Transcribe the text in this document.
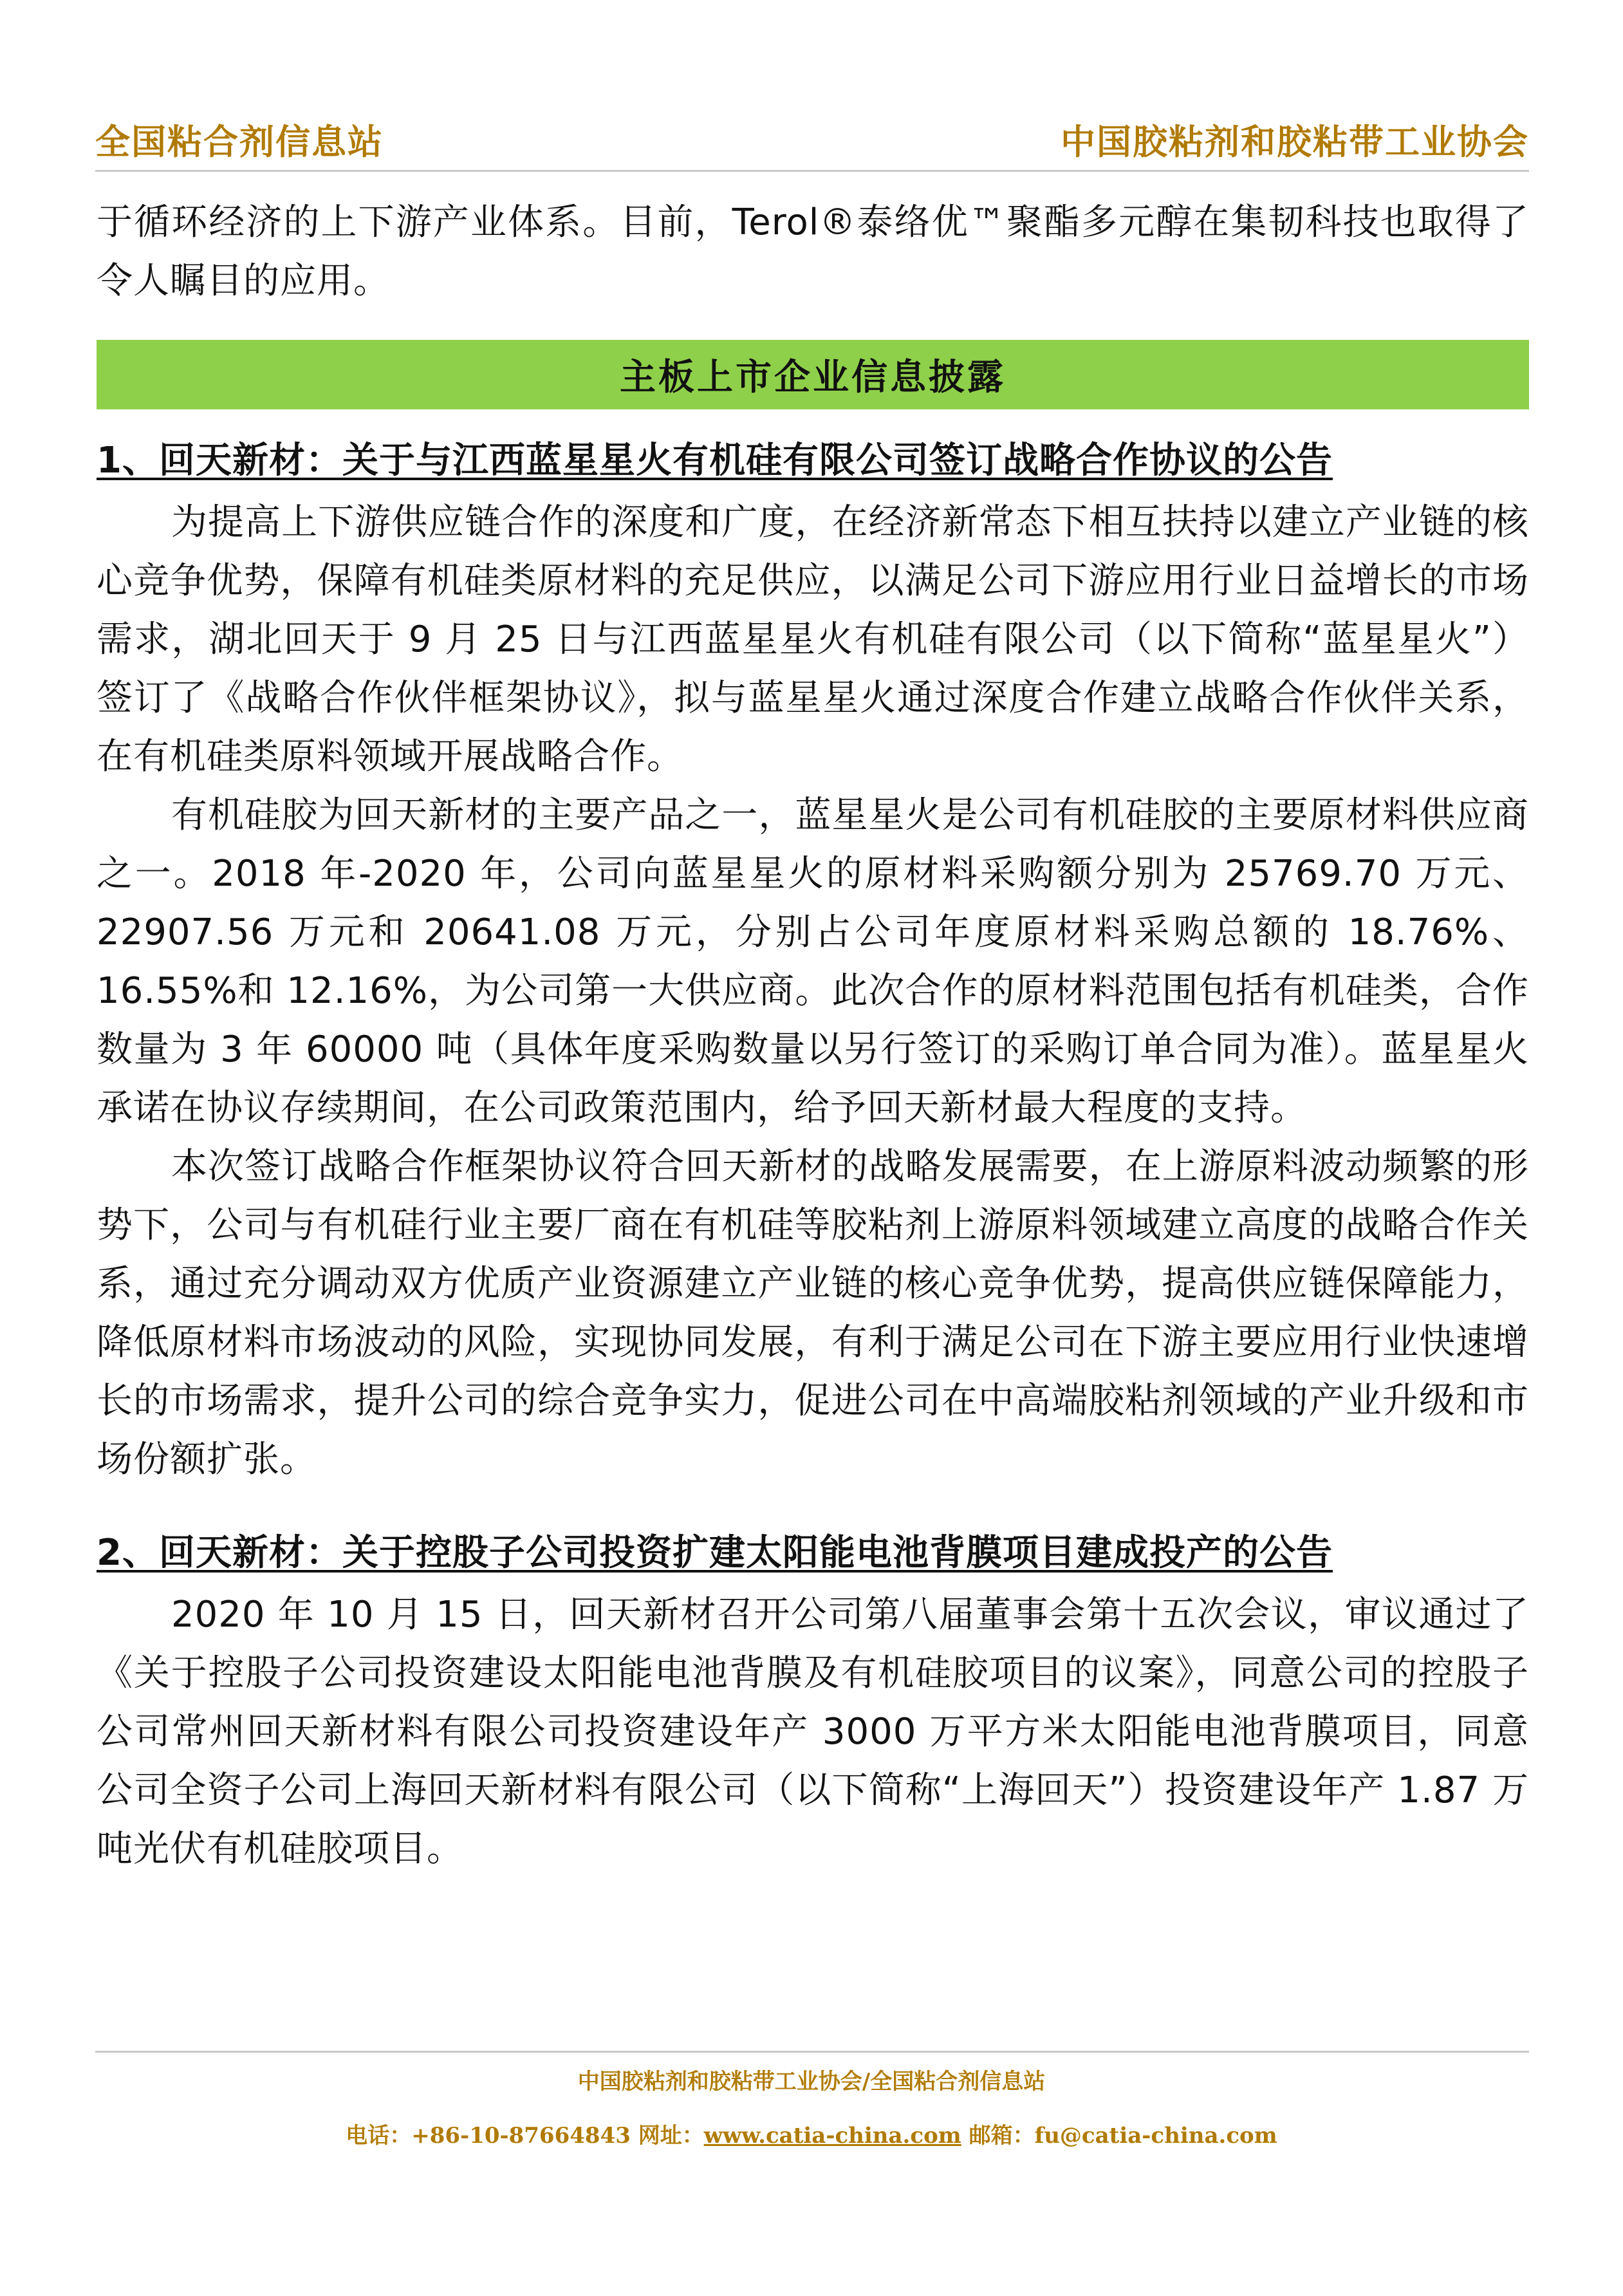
全国粘合剂信息站	中国胶粘剂和胶粘带工业协会

于循环经济的上下游产业体系。目前，Terol®泰络优™聚酯多元醇在集韧科技也取得了令人瞩目的应用。

主板上市企业信息披露
1、回天新材：关于与江西蓝星星火有机硅有限公司签订战略合作协议的公告

为提高上下游供应链合作的深度和广度，在经济新常态下相互扶持以建立产业链的核心竞争优势，保障有机硅类原材料的充足供应，以满足公司下游应用行业日益增长的市场需求，湖北回天于 9 月 25 日与江西蓝星星火有机硅有限公司（以下简称“蓝星星火”）签订了《战略合作伙伴框架协议》，拟与蓝星星火通过深度合作建立战略合作伙伴关系，在有机硅类原料领域开展战略合作。

有机硅胶为回天新材的主要产品之一，蓝星星火是公司有机硅胶的主要原材料供应商之一。2018 年-2020 年，公司向蓝星星火的原材料采购额分别为 25769.70 万元、22907.56 万元和 20641.08 万元，分别占公司年度原材料采购总额的 18.76%、16.55%和 12.16%，为公司第一大供应商。此次合作的原材料范围包括有机硅类，合作数量为 3 年 60000 吨（具体年度采购数量以另行签订的采购订单合同为准）。蓝星星火承诺在协议存续期间，在公司政策范围内，给予回天新材最大程度的支持。

本次签订战略合作框架协议符合回天新材的战略发展需要，在上游原料波动频繁的形势下，公司与有机硅行业主要厂商在有机硅等胶粘剂上游原料领域建立高度的战略合作关系，通过充分调动双方优质产业资源建立产业链的核心竞争优势，提高供应链保障能力，降低原材料市场波动的风险，实现协同发展，有利于满足公司在下游主要应用行业快速增长的市场需求，提升公司的综合竞争实力，促进公司在中高端胶粘剂领域的产业升级和市场份额扩张。

2、回天新材：关于控股子公司投资扩建太阳能电池背膜项目建成投产的公告

2020 年 10 月 15 日，回天新材召开公司第八届董事会第十五次会议，审议通过了《关于控股子公司投资建设太阳能电池背膜及有机硅胶项目的议案》，同意公司的控股子公司常州回天新材料有限公司投资建设年产 3000 万平方米太阳能电池背膜项目，同意公司全资子公司上海回天新材料有限公司（以下简称“上海回天”）投资建设年产 1.87 万吨光伏有机硅胶项目。

中国胶粘剂和胶粘带工业协会/全国粘合剂信息站
电话：+86-10-87664843 网址：www.catia-china.com 邮箱：fu@catia-china.com
